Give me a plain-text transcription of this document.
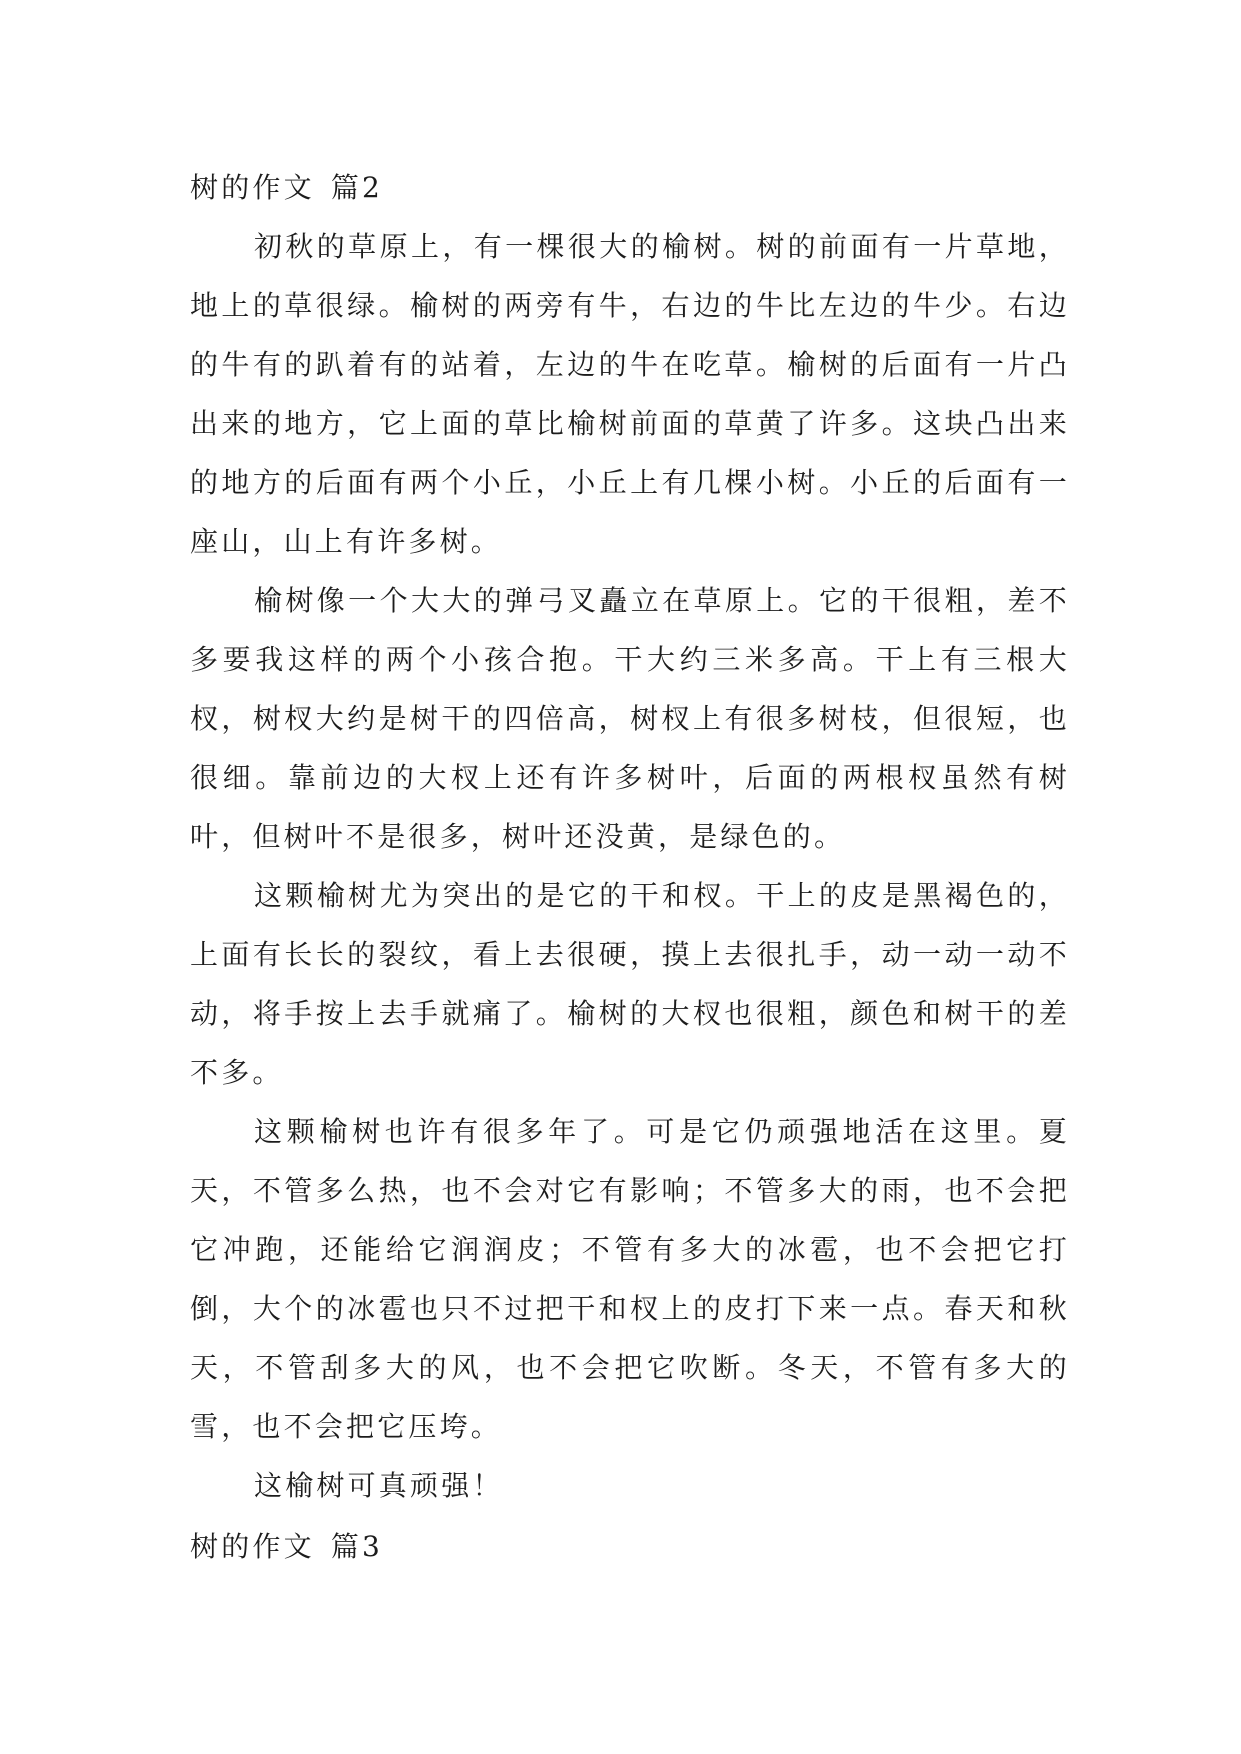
树的作文 篇2

初秋的草原上，有一棵很大的榆树。树的前面有一片草地，地上的草很绿。榆树的两旁有牛，右边的牛比左边的牛少。右边的牛有的趴着有的站着，左边的牛在吃草。榆树的后面有一片凸出来的地方，它上面的草比榆树前面的草黄了许多。这块凸出来的地方的后面有两个小丘，小丘上有几棵小树。小丘的后面有一座山，山上有许多树。

榆树像一个大大的弹弓叉矗立在草原上。它的干很粗，差不多要我这样的两个小孩合抱。干大约三米多高。干上有三根大杈，树杈大约是树干的四倍高，树杈上有很多树枝，但很短，也很细。靠前边的大杈上还有许多树叶，后面的两根杈虽然有树叶，但树叶不是很多，树叶还没黄，是绿色的。

这颗榆树尤为突出的是它的干和杈。干上的皮是黑褐色的，上面有长长的裂纹，看上去很硬，摸上去很扎手，动一动一动不动，将手按上去手就痛了。榆树的大杈也很粗，颜色和树干的差不多。

这颗榆树也许有很多年了。可是它仍顽强地活在这里。夏天，不管多么热，也不会对它有影响；不管多大的雨，也不会把它冲跑，还能给它润润皮；不管有多大的冰雹，也不会把它打倒，大个的冰雹也只不过把干和杈上的皮打下来一点。春天和秋天，不管刮多大的风，也不会把它吹断。冬天，不管有多大的雪，也不会把它压垮。

这榆树可真顽强！

树的作文 篇3
